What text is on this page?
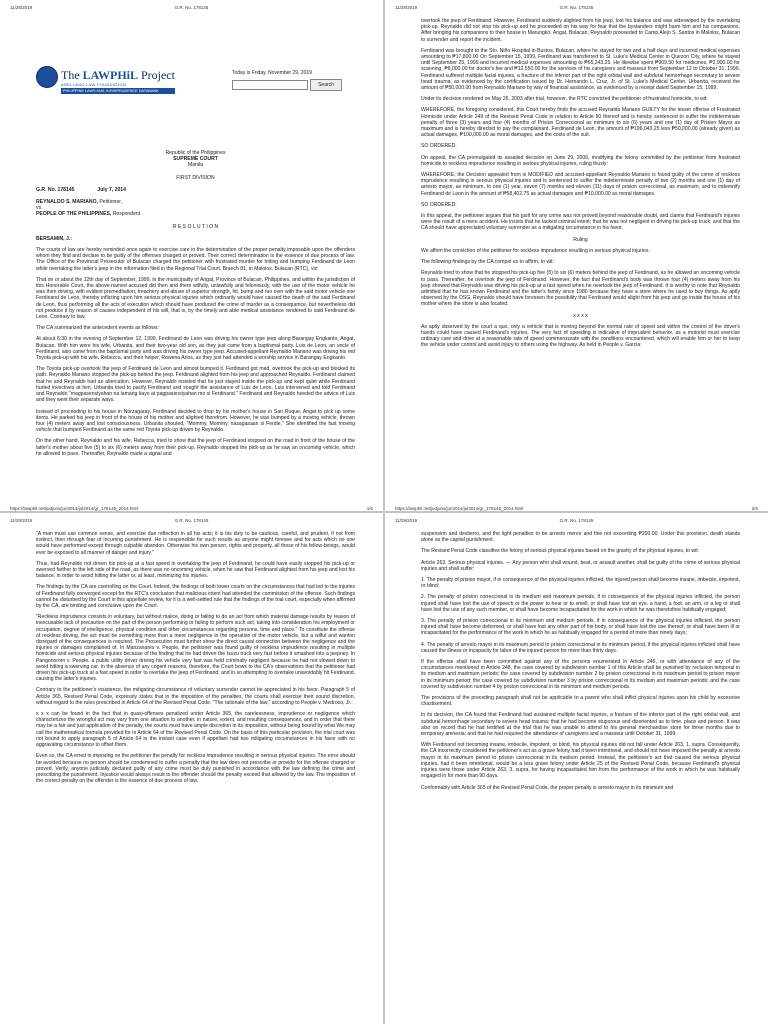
11/29/2019	G.R. No. 178145
The LAWPHiL Project
ARELLANO LAW FOUNDATION
PHILIPPINE LAWS AND JURISPRUDENCE DATABANK
Today is Friday, November 29, 2019
Search
Republic of the Philippines
SUPREME COURT
Manila
FIRST DIVISION
G.R. No. 178145	July 7, 2014
REYNALDO S. MARIANO, Petitioner,
vs.
PEOPLE OF THE PHILIPPINES, Respondent.
R E S O L U T I O N
BERSAMIN, J.:

The courts of law are hereby reminded once again to exercise care in the determination of the proper penalty imposable upon the offenders whom they find and declare to be guilty of the offenses charged or proved. Their correct determination is the essence of due process of law. The Office of the Provincial Prosecutor of Bulacan charged the petitioner with frustrated murder for hitting and bumping Ferdinand de Leon while overtaking the latter's jeep in the information filed in the Regional Trial Court, Branch 81, in Malolos, Bulacan (RTC), viz:

That on or about the 12th day of September, 1999, in the municipality of Angat, Province of Bulacan, Philippines, and within the jurisdiction of this Honorable Court, the above-named accused did then and there wilfully, unlawfully and feloniously, with the use of the motor vehicle he was then driving, with evident premeditation, treachery and abuse of superior strength, hit, bump and run over with the said motor vehicle one Ferdinand de Leon, thereby inflicting upon him serious physical injuries which ordinarily would have caused the death of the said Ferdinand de Leon, thus performing all the acts of execution which should have produced the crime of murder as a consequence, but nevertheless did not produce it by reason of causes independent of his will, that is, by the timely and able medical assistance rendered to said Ferdinand de Leon. Contrary to law.

The CA summarized the antecedent events as follows:

At about 6:30 in the evening of September 12, 1999, Ferdinand de Leon was driving his owner type jeep along Barangay Engkanto, Angat, Bulacan. With him were his wife, Urbanita, and their two-year old son, as they just came from a baptismal party. Luis de Leon, an uncle of Ferdinand, also came from the baptismal party and was driving his owner type jeep. Accused-appellant Reynaldo Mariano was driving his red Toyota pick-up with his wife, Rebecca, and their helper, Rowena Arlos, as they just had attended a worship service in Barangay Engkanto.

The Toyota pick-up overtook the jeep of Ferdinand de Leon and almost bumped it. Ferdinand got mad, overtook the pick-up and blocked its path. Reynaldo Mariano stopped the pick-up behind the jeep. Ferdinand alighted from his jeep and approached Reynaldo. Ferdinand claimed that he and Reynaldo had an altercation. However, Reynaldo insisted that he just stayed inside the pick-up and kept quiet while Ferdinand hurled invectives at him. Urbanita tried to pacify Ferdinand and sought the assistance of Luis de Leon. Luis intervened and told Ferdinand and Reynaldo "magpasensiyahan na lamang kayo at pagpasensiyahan mo si Ferdinand." Ferdinand and Reynaldo heeded the advice of Luis and they went their separate ways.

Instead of proceeding to his house in Norzagaray, Ferdinand decided to drop by his mother's house in San Roque, Angat to pick up some items. He parked his jeep in front of the house of his mother and alighted therefrom. However, he was bumped by a moving vehicle, thrown four (4) meters away and lost consciousness. Urbanita shouted, "Mommy, Mommy, nasagasaan si Ferdie." She identified the fast moving vehicle that bumped Ferdinand as the same red Toyota pick-up driven by Reynaldo.

On the other hand, Reynaldo and his wife, Rebecca, tried to show that the jeep of Ferdinand stopped on the road in front of the house of the latter's mother about five (5) to six (6) meters away from their pick-up. Reynaldo stopped the pick-up as he saw an oncoming vehicle, which he allowed to pass. Thereafter, Reynaldo made a signal and

https://lawphil.net/judjuris/juri2014/jul2014/gr_178145_2014.html	1/6
11/29/2019	G.R. No. 178145

overtook the jeep of Ferdinand. However, Ferdinand suddenly alighted from his jeep, lost his balance and was sideswiped by the overtaking pick-up. Reynaldo did not stop his pick-up and he proceeded on his way for fear that the bystanders might harm him and his companions. After bringing his companions to their house in Marungko, Angat, Bulacan, Reynaldo proceeded to Camp Alejo S. Santos in Malolos, Bulacan to surrender and report the incident.

Ferdinand was brought to the Sto. Niño Hospital in Bustos, Bulacan, where he stayed for two and a half days and incurred medical expenses amounting to ₱17,800.00 On September 15, 1999, Ferdinand was transferred to St. Luke's Medical Center in Quezon City, where he stayed until September 25, 1999 and incurred medical expenses amounting to ₱65,243.25. He likewise spent ₱909.50 for medicines, ₱2,900.00 for scanning, ₱8,000.00 for doctor's fee and ₱12,550.00 for the services of his caregivers and masseur from September 12 to October 31, 1999. Ferdinand suffered multiple facial injuries, a fracture of the inferior part of the right orbital wall and subdural hemorrhage secondary to severe head trauma, as evidenced by the certification issued by Dr. Hernando L. Cruz, Jr. of St. Luke's Medical Center. Urbanita, received the amount of ₱50,000.00 from Reynaldo Mariano by way of financial assistance, as evidenced by a receipt dated September 15, 1999.

Under its decision rendered on May 26, 2003 after trial, however, the RTC convicted the petitioner of frustrated homicide, to wit:

WHEREFORE, the foregoing considered, this Court hereby finds the accused Reynaldo Mariano GUILTY for the lesser offense of Frustrated Homicide under Article 249 of the Revised Penal Code in relation to Article 50 thereof and is hereby sentenced to suffer the indeterminate penalty of three (3) years and four (4) months of Prision Correccional as minimum to six (6) years and one (1) day of Prision Mayor as maximum and is hereby directed to pay the complainant, Ferdinand de Leon, the amount of ₱196,043.25 less ₱50,000.00 (already given) as actual damages, ₱100,000.00 as moral damages, and the costs of the suit.

SO ORDERED.

On appeal, the CA promulgated its assailed decision on June 29, 2006, modifying the felony committed by the petitioner from frustrated homicide to reckless imprudence resulting in serious physical injuries, ruling thusly:

WHEREFORE, the Decision appealed from is MODIFIED and accused-appellant Reynaldo Mariano is found guilty of the crime of reckless imprudence resulting in serious physical injuries and is sentenced to suffer the indeterminate penalty of two (2) months and one (1) day of arresto mayor, as minimum, to one (1) year, seven (7) months and eleven (11) days of prision correccional, as maximum, and to indemnify Ferdinand de Leon in the amount of ₱58,402.75 as actual damages and ₱10,000.00 as moral damages.

SO ORDERED.

In this appeal, the petitioner argues that his guilt for any crime was not proved beyond reasonable doubt, and claims that Ferdinand's injuries were the result of a mere accident. He insists that he lacked criminal intent; that he was not negligent in driving his pick-up truck; and that the CA should have appreciated voluntary surrender as a mitigating circumstance in his favor.

Ruling

We affirm the conviction of the petitioner for reckless imprudence resulting in serious physical injuries.

The following findings by the CA compel us to affirm, to wit:

Reynaldo tried to show that he stopped his pick-up five (5) to six (6) meters behind the jeep of Ferdinand, as he allowed an oncoming vehicle to pass. Thereafter, he overtook the jeep of Ferdinand. However, the fact that Ferdinand's body was thrown four (4) meters away from his jeep showed that Reynaldo was driving his pick-up at a fast speed when he overtook the jeep of Ferdinand. It is worthy to note that Reynaldo admitted that he has known Ferdinand and the latter's family since 1980 because they have a store where he used to buy things. As aptly observed by the OSG, Reynaldo should have foreseen the possibility that Ferdinand would alight from his jeep and go inside the house of his mother where the store is also located.

x x x x

As aptly observed by the court a quo, only a vehicle that is moving beyond the normal rate of speed and within the control of the driver's hands could have caused Ferdinand's injuries. The very fact of speeding is indicative of imprudent behavior, as a motorist must exercise ordinary care and drive at a reasonable rate of speed commensurate with the conditions encountered, which will enable him or her to keep the vehicle under control and avoid injury to others using the highway. As held in People v. Garcia:

https://lawphil.net/judjuris/juri2014/jul2014/gr_178145_2014.html	2/6
11/29/2019	G.R. No. 178145

"A man must use common sense, and exercise due reflection in all his acts; it is his duty to be cautious, careful, and prudent, if not from instinct, then through fear of incurring punishment. He is responsible for such results as anyone might foresee and for acts which no one would have performed except through culpable abandon. Otherwise his own person, rights and property, all those of his fellow-beings, would ever be exposed to all manner of danger and injury."

Thus, had Reynaldo not driven his pick-up at a fast speed in overtaking the jeep of Ferdinand, he could have easily stopped his pick-up or swerved farther to the left side of the road, as there was no oncoming vehicle, when he saw that Ferdinand alighted from his jeep and lost his balance, in order to avoid hitting the latter or, at least, minimizing his injuries.

The findings by the CA are controlling on the Court. Indeed, the findings of both lower courts on the circumstances that had led to the injuries of Ferdinand fully converged except for the RTC's conclusion that malicious intent had attended the commission of the offense. Such findings cannot be disturbed by the Court in this appellate review, for it is a well-settled rule that the findings of the trial court, especially when affirmed by the CA, are binding and conclusive upon the Court.

"Reckless imprudence consists in voluntary, but without malice, doing or failing to do an act from which material damage results by reason of inexcusable lack of precaution on the part of the person performing or failing to perform such act, taking into consideration his employment or occupation, degree of intelligence, physical condition and other circumstances regarding persons, time and place." To constitute the offense of reckless driving, the act must be something more than a mere negligence in the operation of the motor vehicle, but a wilful and wanton disregard of the consequences is required. The Prosecution must further show the direct causal connection between the negligence and the injuries or damages complained of. In Manzanares v. People, the petitioner was found guilty of reckless imprudence resulting in multiple homicide and serious physical injuries because of the finding that he had driven the Isuzu truck very fast before it smashed into a jeepney. In Pangonorom v. People, a public utility driver driving his vehicle very fast was held criminally negligent because he had not slowed down to avoid hitting a swerving car. In the absence of any cogent reasons, therefore, the Court bows to the CA's observations that the petitioner had driven his pick-up truck at a fast speed in order to overtake the jeep of Ferdinand, and in so attempting to overtake unavoidably hit Ferdinand, causing the latter's injuries.

Contrary to the petitioner's insistence, the mitigating circumstance of voluntary surrender cannot be appreciated in his favor. Paragraph 5 of Article 365, Revised Penal Code, expressly states that in the imposition of the penalties, the courts shall exercise their sound discretion, without regard to the rules prescribed in Article 64 of the Revised Penal Code. "The rationale of the law," according to People v. Medroso, Jr.:

x x x can be found in the fact that in quasi-offenses penalized under Article 365, the carelessness, imprudence or negligence which characterizes the wrongful act may vary from one situation to another, in nature, extent, and resulting consequences, and in order that there may be a fair and just application of the penalty, the courts must have ample discretion in its imposition, without being bound by what We may call the mathematical formula provided for in Article 64 of the Revised Penal Code. On the basis of this particular provision, the trial court was not bound to apply paragraph 5 of Article 64 in the instant case even if appellant had two mitigating circumstances in his favor with no aggravating circumstance to offset them.

Even so, the CA erred in imposing on the petitioner the penalty for reckless imprudence resulting in serious physical injuries. The error should be avoided because no person should be condemned to suffer a penalty that the law does not prescribe or provide for the offense charged or proved. Verily, anyone judicially declared guilty of any crime must be duly punished in accordance with the law defining the crime and prescribing the punishment. Injustice would always result to the offender should the penalty exceed that allowed by the law. The imposition of the correct penalty on the offender is the essence of due process of law.

11/29/2019	G.R. No. 178145

suspension and destierro, and the light penalties to be arresto menor and fine not exceeding ₱200.00. Under this provision, death stands alone as the capital punishment.

The Revised Penal Code classifies the felony of serious physical injuries based on the gravity of the physical injuries, to wit:

Article 263. Serious physical injuries. — Any person who shall wound, beat, or assault another, shall be guilty of the crime of serious physical injuries and shall suffer:

1. The penalty of prision mayor, if in consequence of the physical injuries inflicted, the injured person shall become insane, imbecile, impotent, or blind;

2. The penalty of prision correccional in its medium and maximum periods, if in consequence of the physical injuries inflicted, the person injured shall have lost the use of speech or the power to hear or to smell, or shall have lost an eye, a hand, a foot, an arm, or a leg or shall have lost the use of any such member, or shall have become incapacitated for the work in which he was theretofore habitually engaged;

3. The penalty of prision correccional in its minimum and medium periods, if in consequence of the physical injuries inflicted, the person injured shall have become deformed, or shall have lost any other part of his body, or shall have lost the use thereof, or shall have been ill or incapacitated for the performance of the work in which he as habitually engaged for a period of more than ninety days;

4. The penalty of arresto mayor in its maximum period to prision correccional in its minimum period, if the physical injuries inflicted shall have caused the illness or incapacity for labor of the injured person for more than thirty days.

If the offense shall have been committed against any of the persons enumerated in Article 246, or with attendance of any of the circumstances mentioned in Article 248, the case covered by subdivision number 1 of this Article shall be punished by reclusion temporal in its medium and maximum periods; the case covered by subdivision number 2 by prision correccional in its maximum period to prision mayor in its minimum period; the case covered by subdivision number 3 by prision correccional in its medium and maximum periods; and the case covered by subdivision number 4 by prision correccional in its minimum and medium periods.

The provisions of the preceding paragraph shall not be applicable to a parent who shall inflict physical injuries upon his child by excessive chastisement.

In its decision, the CA found that Ferdinand had sustained multiple facial injuries, a fracture of the inferior part of the right orbital wall, and subdural hemorrhage secondary to severe head trauma; that he had become stuporous and disoriented as to time, place and person. It was also on record that he had testified at the trial that he was unable to attend to his general merchandise store for three months due to temporary amnesia; and that he had required the attendance of caregivers and a masseur until October 31, 1999.

With Ferdinand not becoming insane, imbecile, impotent, or blind, his physical injuries did not fall under Article 263, 1, supra. Consequently, the CA incorrectly considered the petitioner's act as a grave felony had it been intentional, and should not have imposed the penalty at arresto mayor in its maximum period to prision correccional in its medium period. Instead, the petitioner's act that caused the serious physical injuries, had it been intentional, would be a less grave felony under Article 25 of the Revised Penal Code, because Ferdinand's physical injuries were those under Article 263, 3, supra, for having incapacitated him from the performance of the work in which he was habitually engaged in for more than 90 days.

Conformably with Article 365 of the Revised Penal Code, the proper penalty is arresto mayor in its minimum and
